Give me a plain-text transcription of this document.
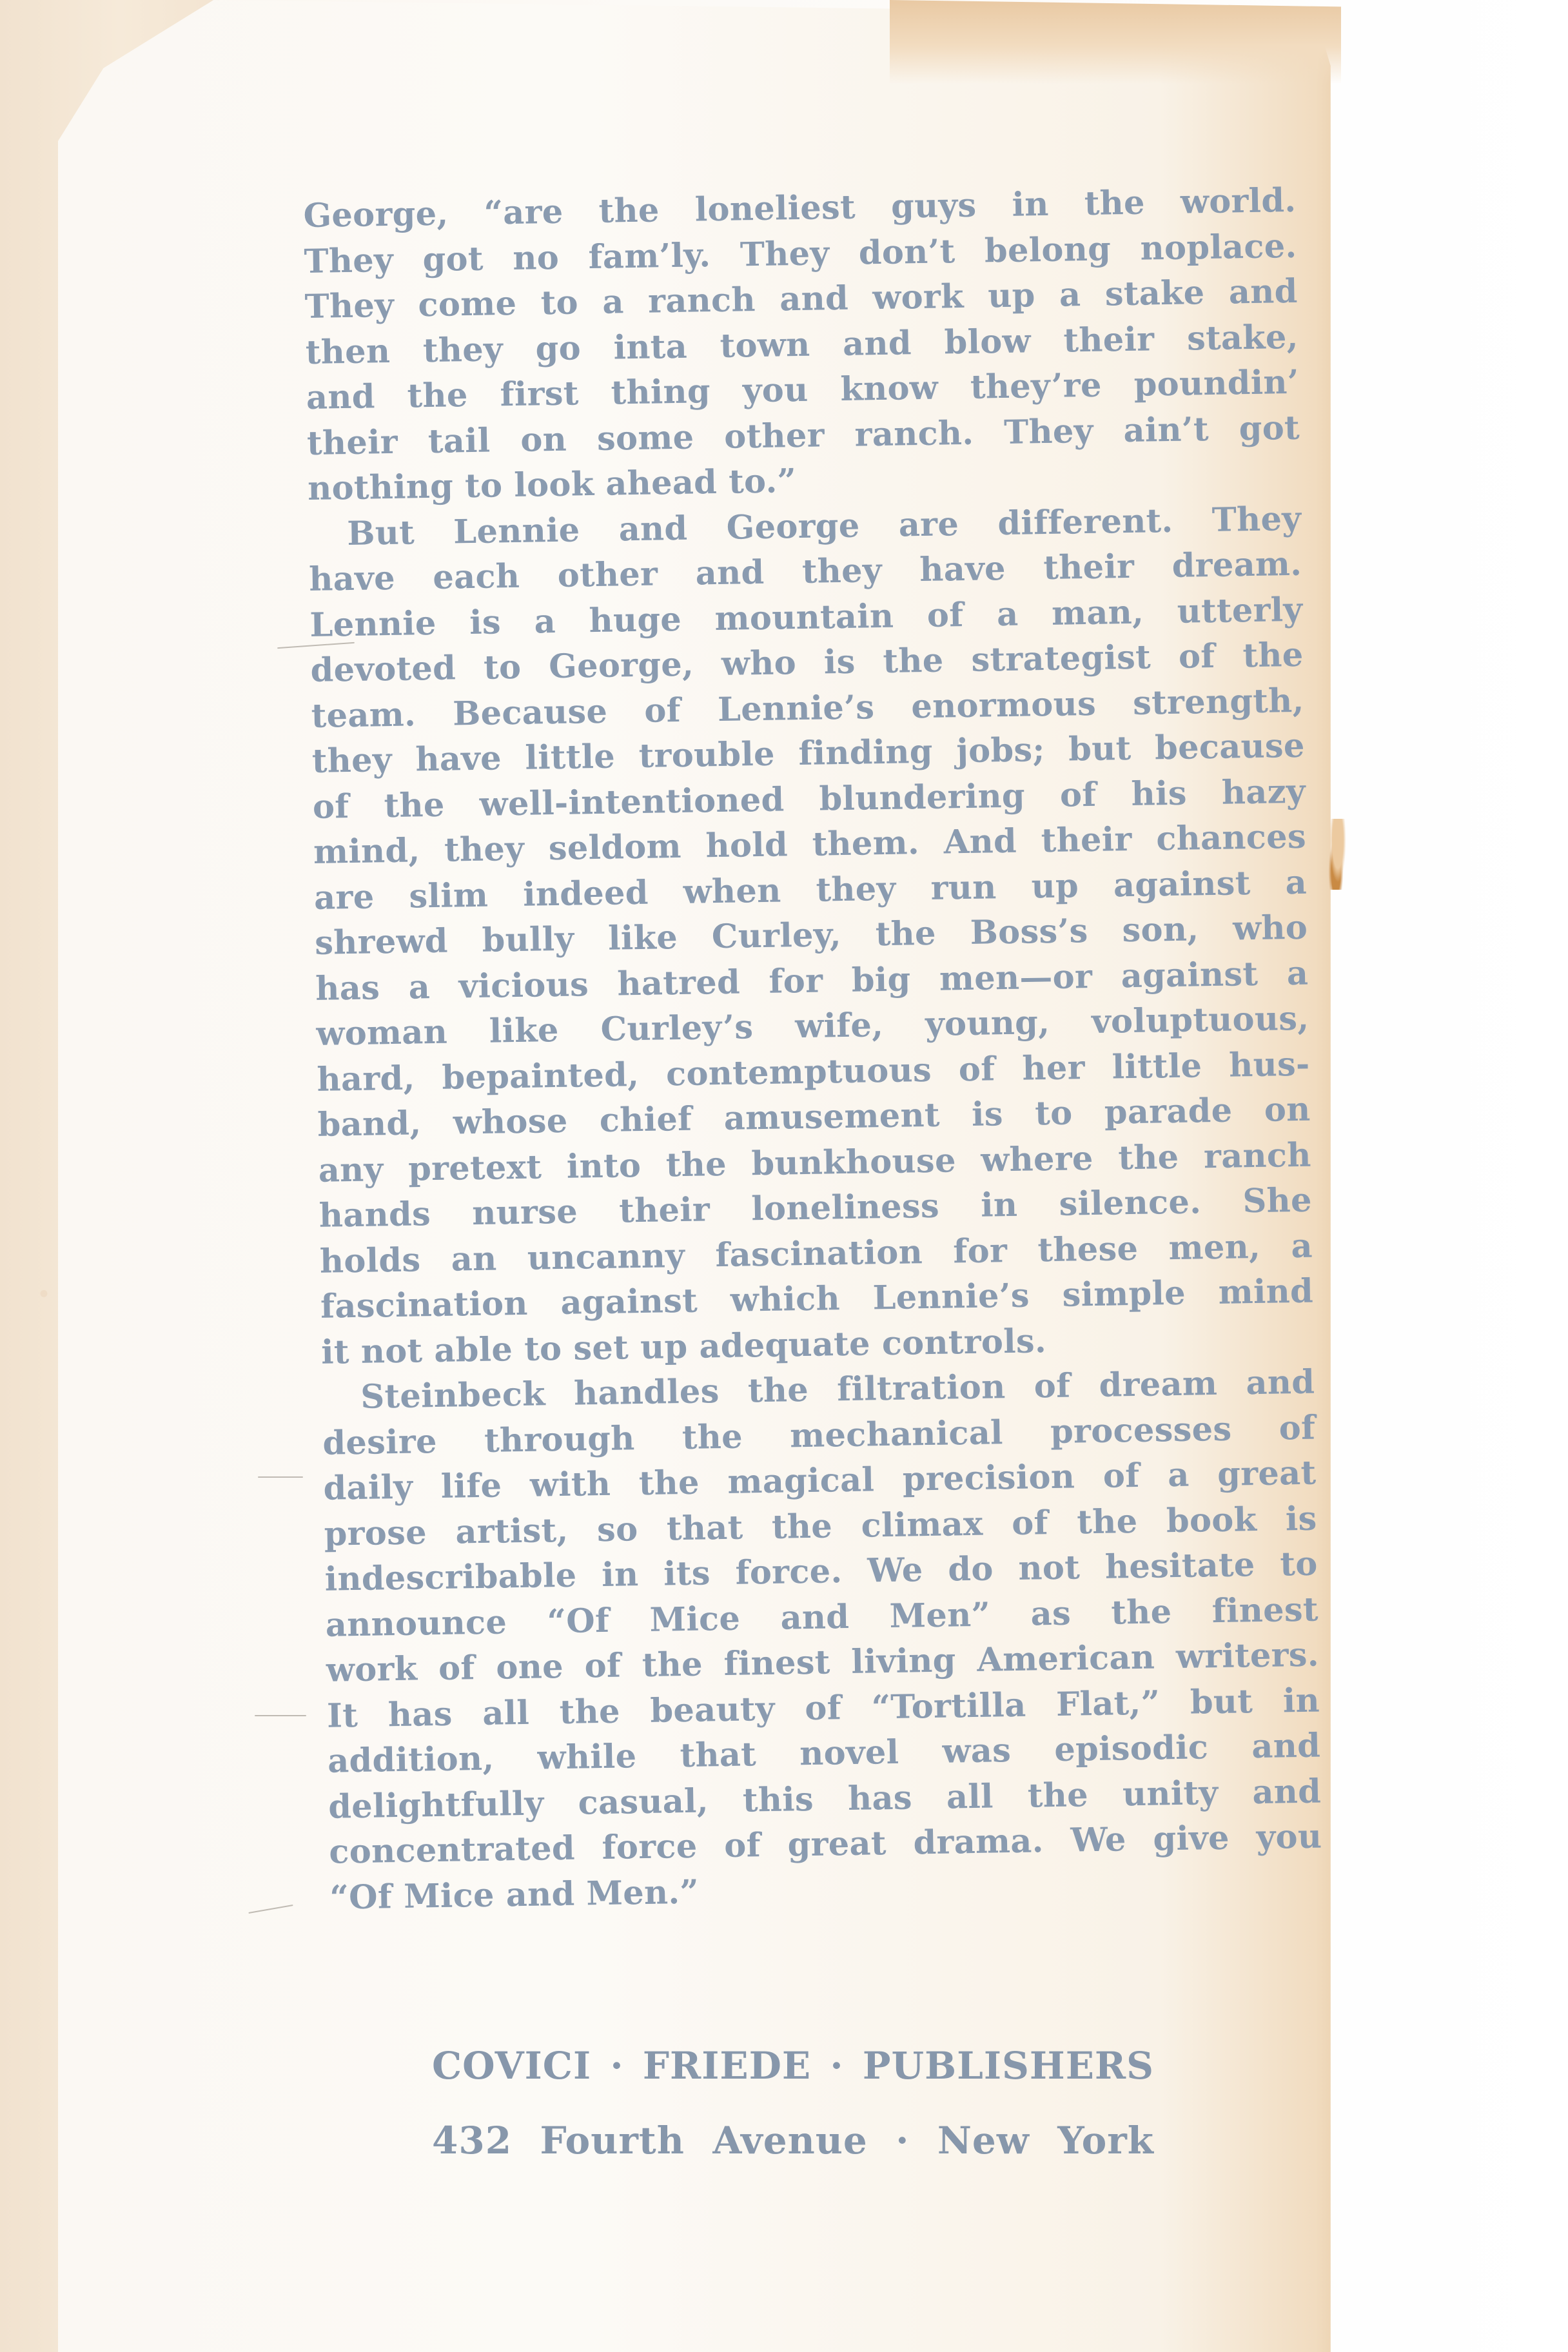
George, “are the loneliest guys in the world.
They got no fam’ly. They don’t belong noplace.
They come to a ranch and work up a stake and
then they go inta town and blow their stake,
and the first thing you know they’re poundin’
their tail on some other ranch. They ain’t got
nothing to look ahead to.”
But Lennie and George are different. They
have each other and they have their dream.
Lennie is a huge mountain of a man, utterly
devoted to George, who is the strategist of the
team. Because of Lennie’s enormous strength,
they have little trouble finding jobs; but because
of the well-intentioned blundering of his hazy
mind, they seldom hold them. And their chances
are slim indeed when they run up against a
shrewd bully like Curley, the Boss’s son, who
has a vicious hatred for big men—or against a
woman like Curley’s wife, young, voluptuous,
hard, bepainted, contemptuous of her little hus-
band, whose chief amusement is to parade on
any pretext into the bunkhouse where the ranch
hands nurse their loneliness in silence. She
holds an uncanny fascination for these men, a
fascination against which Lennie’s simple mind
it not able to set up adequate controls.
Steinbeck handles the filtration of dream and
desire through the mechanical processes of
daily life with the magical precision of a great
prose artist, so that the climax of the book is
indescribable in its force. We do not hesitate to
announce “Of Mice and Men” as the finest
work of one of the finest living American writers.
It has all the beauty of “Tortilla Flat,” but in
addition, while that novel was episodic and
delightfully casual, this has all the unity and
concentrated force of great drama. We give you
“Of Mice and Men.”
COVICI · FRIEDE · PUBLISHERS
432 Fourth Avenue · New York
